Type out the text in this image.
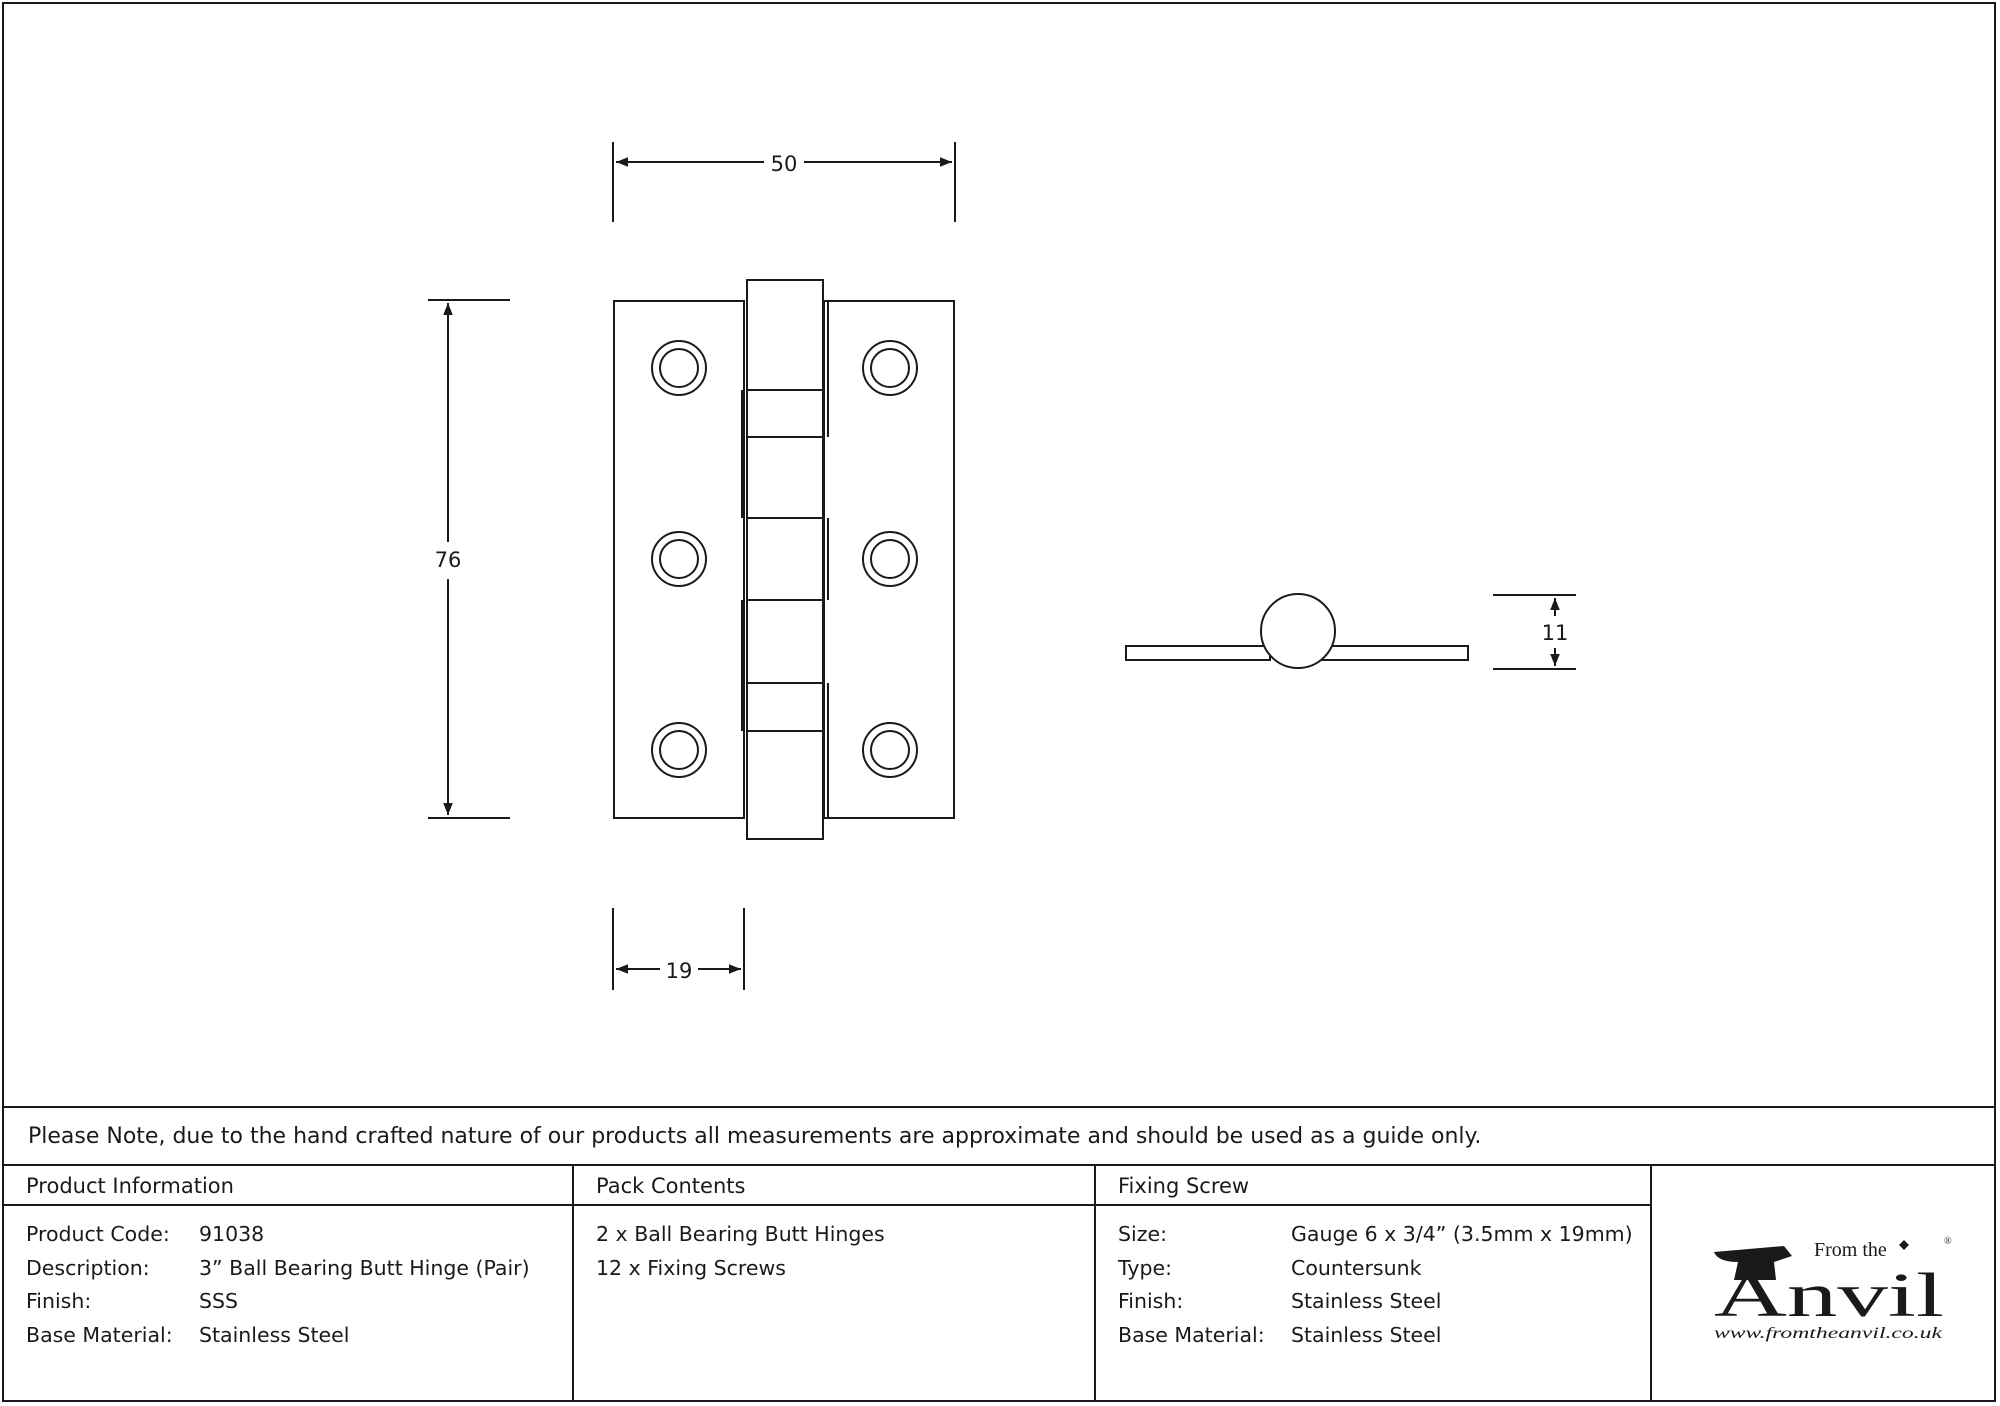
50
76
19
11
Please Note, due to the hand crafted nature of our products all measurements are approximate and should be used as a guide only.
Product Information
Product Code:	91038
Description:	3” Ball Bearing Butt Hinge (Pair)
Finish:	SSS
Base Material:	Stainless Steel
Pack Contents
2 x Ball Bearing Butt Hinges
12 x Fixing Screws
Fixing Screw
Size:	Gauge 6 x 3/4” (3.5mm x 19mm)
Type:	Countersunk
Finish:	Stainless Steel
Base Material:	Stainless Steel
From the	®
Anvil
www.fromtheanvil.co.uk
